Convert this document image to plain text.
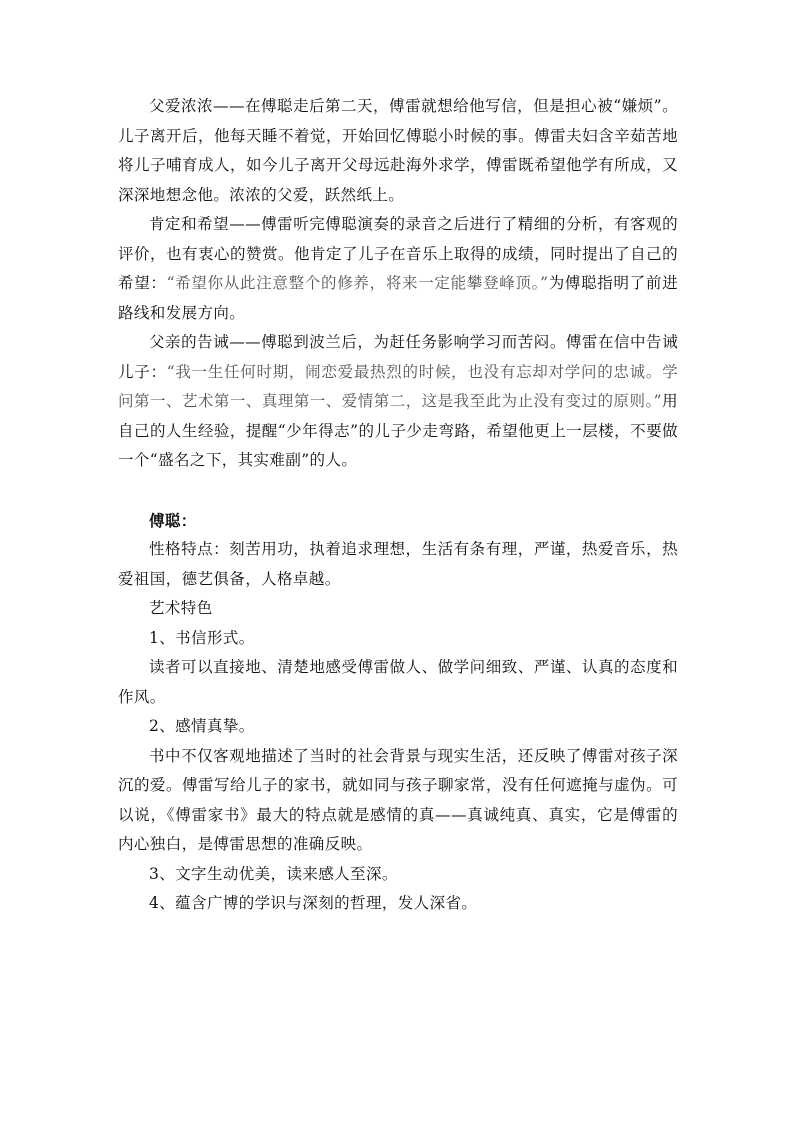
父爱浓浓——在傅聪走后第二天，傅雷就想给他写信，但是担心被“嫌烦”。儿子离开后，他每天睡不着觉，开始回忆傅聪小时候的事。傅雷夫妇含辛茹苦地将儿子哺育成人，如今儿子离开父母远赴海外求学，傅雷既希望他学有所成，又深深地想念他。浓浓的父爱，跃然纸上。

肯定和希望——傅雷听完傅聪演奏的录音之后进行了精细的分析，有客观的评价，也有衷心的赞赏。他肯定了儿子在音乐上取得的成绩，同时提出了自己的希望：“希望你从此注意整个的修养，将来一定能攀登峰顶。”为傅聪指明了前进路线和发展方向。

父亲的告诫——傅聪到波兰后，为赶任务影响学习而苦闷。傅雷在信中告诫儿子：“我一生任何时期，闹恋爱最热烈的时候，也没有忘却对学问的忠诚。学问第一、艺术第一、真理第一、爱情第二，这是我至此为止没有变过的原则。”用自己的人生经验，提醒“少年得志”的儿子少走弯路，希望他更上一层楼，不要做一个“盛名之下，其实难副”的人。

傅聪：

性格特点：刻苦用功，执着追求理想，生活有条有理，严谨，热爱音乐，热爱祖国，德艺俱备，人格卓越。

艺术特色

1、书信形式。

读者可以直接地、清楚地感受傅雷做人、做学问细致、严谨、认真的态度和作风。

2、感情真挚。

书中不仅客观地描述了当时的社会背景与现实生活，还反映了傅雷对孩子深沉的爱。傅雷写给儿子的家书，就如同与孩子聊家常，没有任何遮掩与虚伪。可以说，《傅雷家书》最大的特点就是感情的真——真诚纯真、真实，它是傅雷的内心独白，是傅雷思想的准确反映。

3、文字生动优美，读来感人至深。

4、蕴含广博的学识与深刻的哲理，发人深省。
